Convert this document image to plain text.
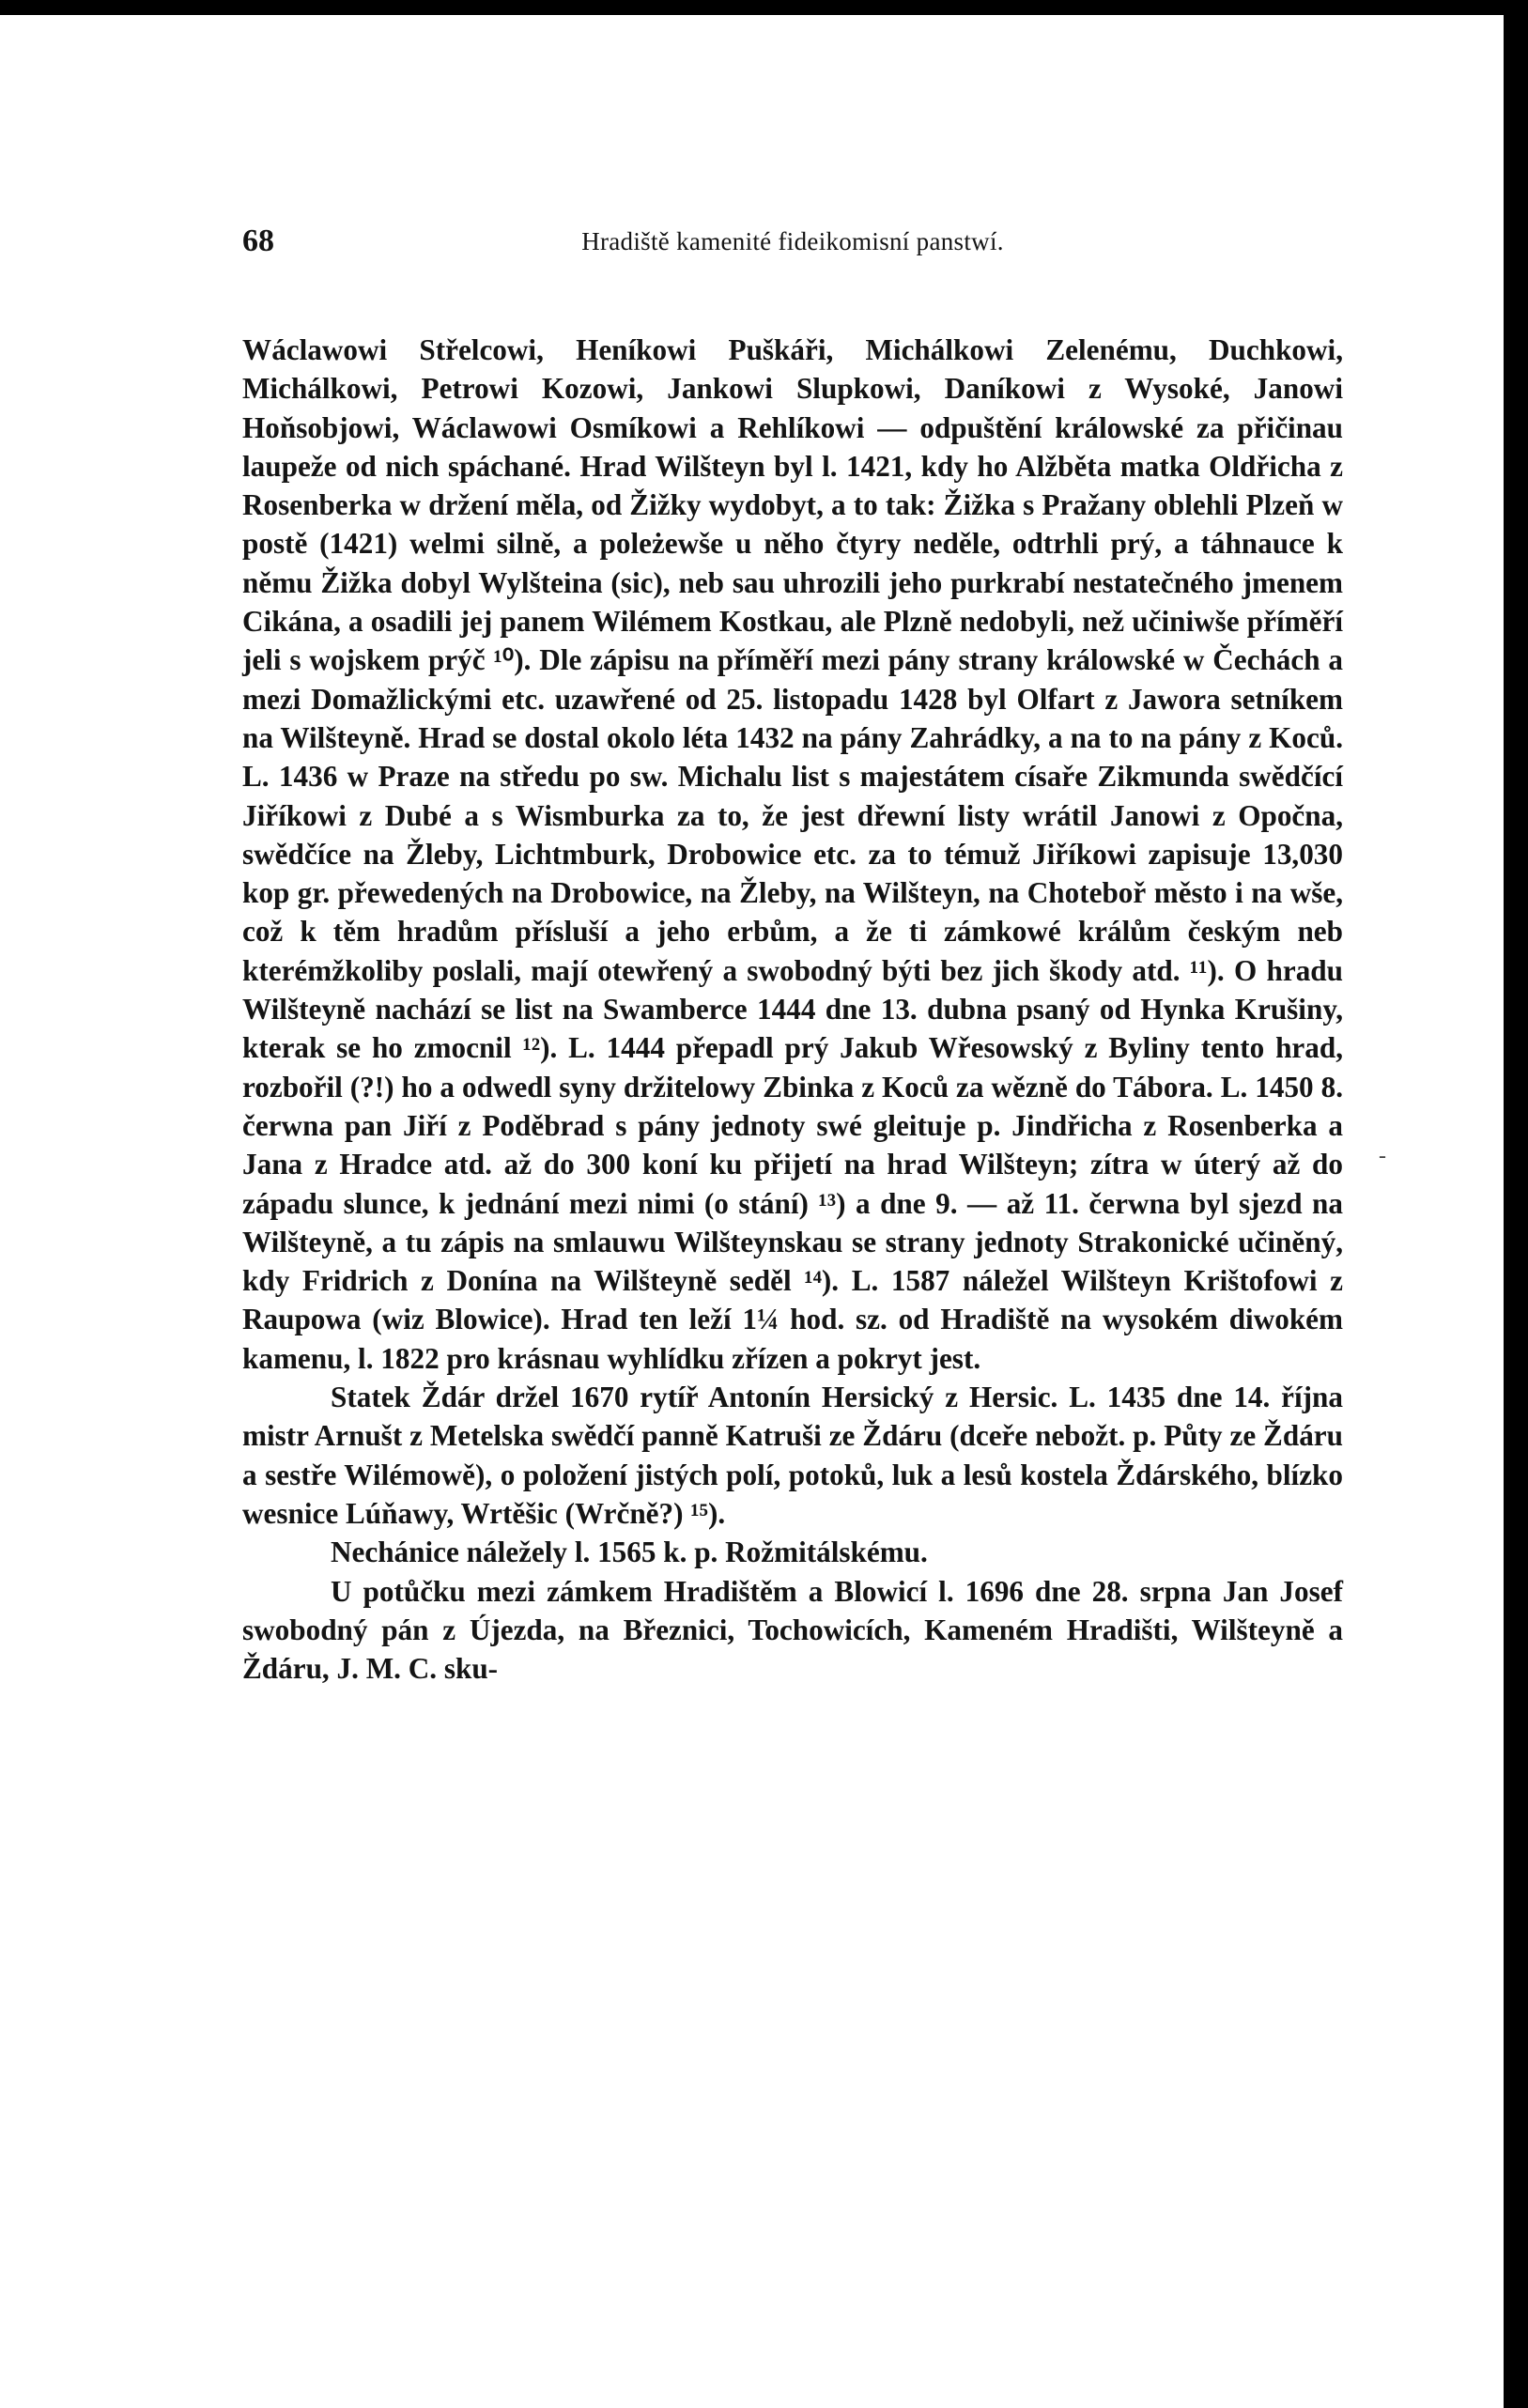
68	Hradiště kamenité fideikomisní panstwí.

Wáclawowi Střelcowi, Heníkowi Puškáři, Michálkowi Zelenému, Duchkowi, Michálkowi, Petrowi Kozowi, Jankowi Slupkowi, Daníkowi z Wysoké, Janowi Hoňsobjowi, Wáclawowi Osmíkowi a Rehlíkowi — odpuštění králowské za přičinau laupeže od nich spáchané. Hrad Wilšteyn byl l. 1421, kdy ho Alžběta matka Oldřicha z Rosenberka w držení měla, od Žižky wydobyt, a to tak: Žižka s Pražany oblehli Plzeň w postě (1421) welmi silně, a poleżewše u něho čtyry neděle, odtrhli prý, a táhnauce k němu Žižka dobyl Wylšteina (sic), neb sau uhrozili jeho purkrabí nestatečného jmenem Cikána, a osadili jej panem Wilémem Kostkau, ale Plzně nedobyli, než učiniwše příměří jeli s wojskem prýč ¹⁰). Dle zápisu na příměří mezi pány strany králowské w Čechách a mezi Domažlickými etc. uzawřené od 25. listopadu 1428 byl Olfart z Jawora setníkem na Wilšteyně. Hrad se dostal okolo léta 1432 na pány Zahrádky, a na to na pány z Koců. L. 1436 w Praze na středu po sw. Michalu list s majestátem císaře Zikmunda swědčící Jiříkowi z Dubé a s Wismburka za to, že jest dřewní listy wrátil Janowi z Opočna, swědčíce na Žleby, Lichtmburk, Drobowice etc. za to témuž Jiříkowi zapisuje 13,030 kop gr. přewedených na Drobowice, na Žleby, na Wilšteyn, na Choteboř město i na wše, což k těm hradům přísluší a jeho erbům, a že ti zámkowé králům českým neb kterémžkoliby poslali, mají otewřený a swobodný býti bez jich škody atd. ¹¹). O hradu Wilšteyně nachází se list na Swamberce 1444 dne 13. dubna psaný od Hynka Krušiny, kterak se ho zmocnil ¹²). L. 1444 přepadl prý Jakub Wřesowský z Byliny tento hrad, rozbořil (?!) ho a odwedl syny držitelowy Zbinka z Koců za wězně do Tábora. L. 1450 8. čerwna pan Jiří z Poděbrad s pány jednoty swé gleituje p. Jindřicha z Rosenberka a Jana z Hradce atd. až do 300 koní ku přijetí na hrad Wilšteyn; zítra w úterý až do západu slunce, k jednání mezi nimi (o stání) ¹³) a dne 9. — až 11. čerwna byl sjezd na Wilšteyně, a tu zápis na smlauwu Wilšteynskau se strany jednoty Strakonické učiněný, kdy Fridrich z Donína na Wilšteyně seděl ¹⁴). L. 1587 náležel Wilšteyn Krištofowi z Raupowa (wiz Blowice). Hrad ten leží 1¼ hod. sz. od Hradiště na wysokém diwokém kamenu, l. 1822 pro krásnau wyhlídku zřízen a pokryt jest.

Statek Ždár držel 1670 rytíř Antonín Hersický z Hersic. L. 1435 dne 14. října mistr Arnušt z Metelska swědčí panně Katruši ze Ždáru (dceře nebožt. p. Půty ze Ždáru a sestře Wilémowě), o položení jistých polí, potoků, luk a lesů kostela Ždárského, blízko wesnice Lúňawy, Wrtěšic (Wrčně?) ¹⁵).

Nechánice náležely l. 1565 k. p. Rožmitálskému.

U potůčku mezi zámkem Hradištěm a Blowicí l. 1696 dne 28. srpna Jan Josef swobodný pán z Újezda, na Březnici, Tochowicích, Kameném Hradišti, Wilšteyně a Ždáru, J. M. C. sku-

-
